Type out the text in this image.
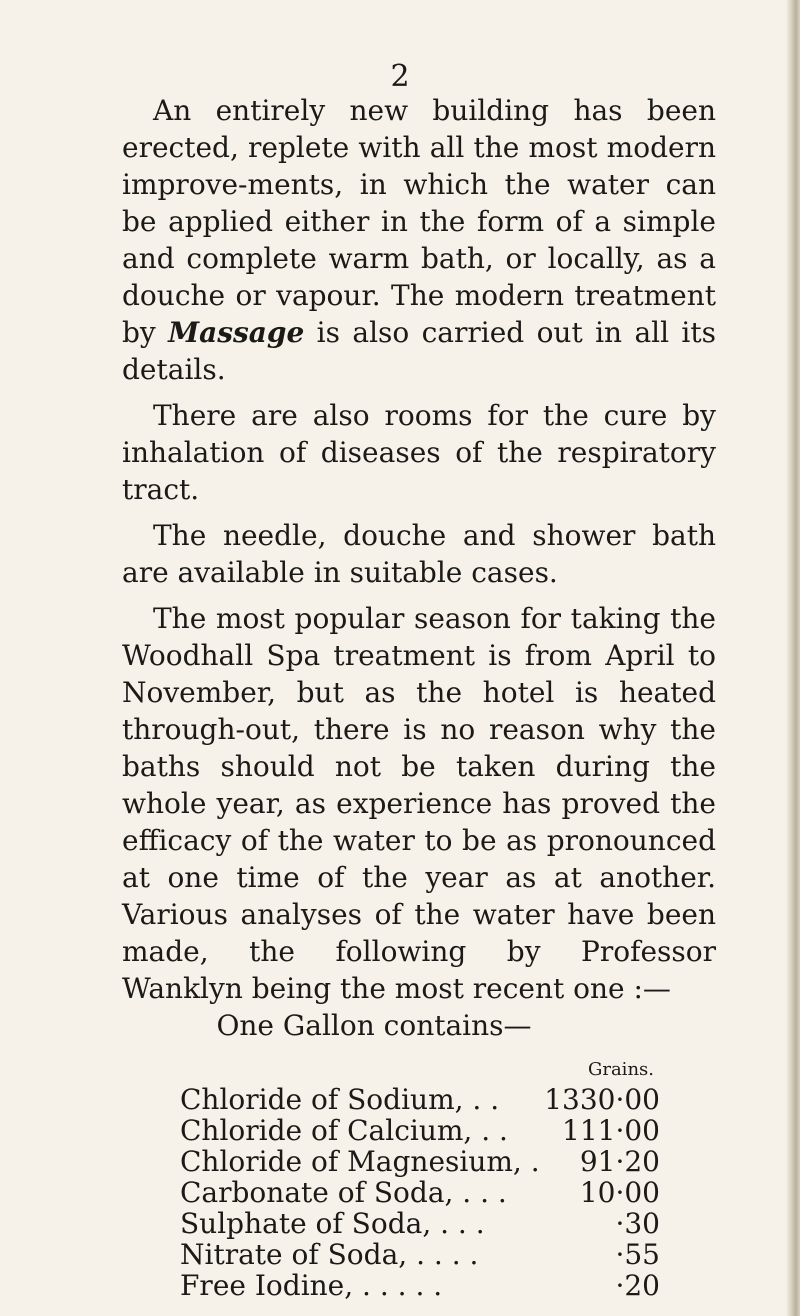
2

An entirely new building has been erected, replete with all the most modern improve-ments, in which the water can be applied either in the form of a simple and complete warm bath, or locally, as a douche or vapour. The modern treatment by Massage is also carried out in all its details.

There are also rooms for the cure by inhalation of diseases of the respiratory tract.

The needle, douche and shower bath are available in suitable cases.

The most popular season for taking the Woodhall Spa treatment is from April to November, but as the hotel is heated through-out, there is no reason why the baths should not be taken during the whole year, as experience has proved the efficacy of the water to be as pronounced at one time of the year as at another. Various analyses of the water have been made, the following by Professor Wanklyn being the most recent one :—

One Gallon contains—
Grains.
Chloride of Sodium, . . 1330·00
Chloride of Calcium, . .	111·00
Chloride of Magnesium, .	91·20
Carbonate of Soda, . . .	10·00
Sulphate of Soda, . . .	·30
Nitrate of Soda, . . . .	·55
Free Iodine, . . . . .	·20
